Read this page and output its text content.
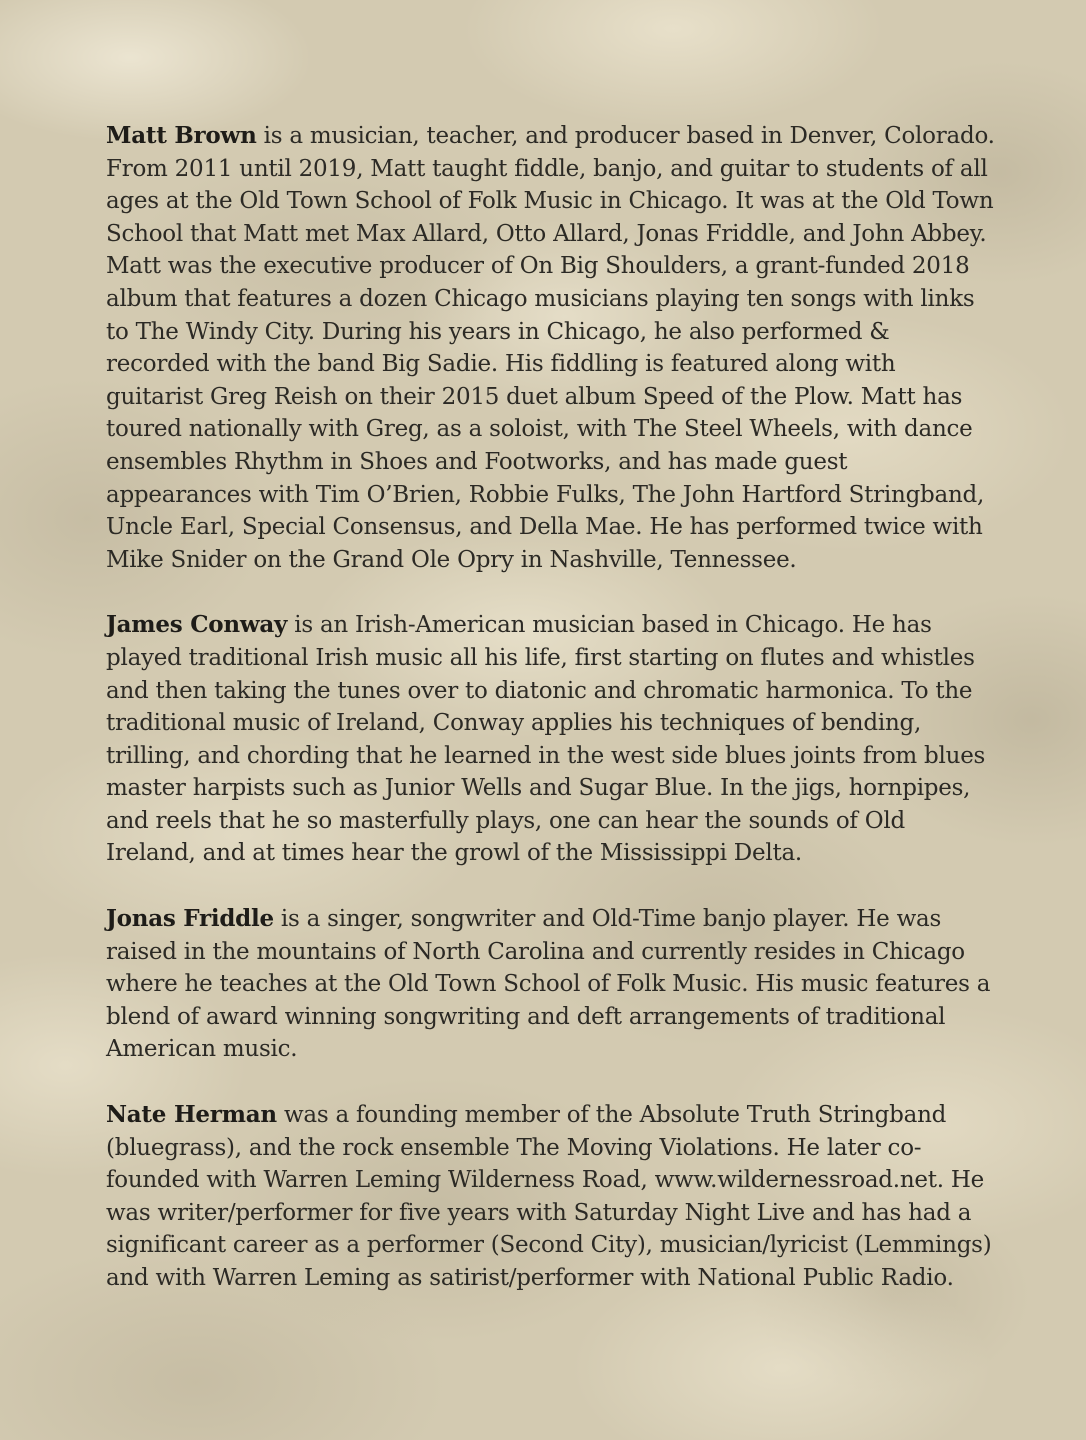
Matt Brown is a musician, teacher, and producer based in Denver, Colorado. From 2011 until 2019, Matt taught fiddle, banjo, and guitar to students of all ages at the Old Town School of Folk Music in Chicago. It was at the Old Town School that Matt met Max Allard, Otto Allard, Jonas Friddle, and John Abbey. Matt was the executive producer of On Big Shoulders, a grant-funded 2018 album that features a dozen Chicago musicians playing ten songs with links to The Windy City. During his years in Chicago, he also performed & recorded with the band Big Sadie. His fiddling is featured along with guitarist Greg Reish on their 2015 duet album Speed of the Plow. Matt has toured nationally with Greg, as a soloist, with The Steel Wheels, with dance ensembles Rhythm in Shoes and Footworks, and has made guest appearances with Tim O’Brien, Robbie Fulks, The John Hartford Stringband, Uncle Earl, Special Consensus, and Della Mae. He has performed twice with Mike Snider on the Grand Ole Opry in Nashville, Tennessee.

James Conway is an Irish-American musician based in Chicago. He has played traditional Irish music all his life, first starting on flutes and whistles and then taking the tunes over to diatonic and chromatic harmonica. To the traditional music of Ireland, Conway applies his techniques of bending, trilling, and chording that he learned in the west side blues joints from blues master harpists such as Junior Wells and Sugar Blue. In the jigs, hornpipes, and reels that he so masterfully plays, one can hear the sounds of Old Ireland, and at times hear the growl of the Mississippi Delta.

Jonas Friddle is a singer, songwriter and Old-Time banjo player. He was raised in the mountains of North Carolina and currently resides in Chicago where he teaches at the Old Town School of Folk Music. His music features a blend of award winning songwriting and deft arrangements of traditional American music.

Nate Herman was a founding member of the Absolute Truth Stringband (bluegrass), and the rock ensemble The Moving Violations. He later co-founded with Warren Leming Wilderness Road, www.wildernessroad.net. He was writer/performer for five years with Saturday Night Live and has had a significant career as a performer (Second City), musician/lyricist (Lemmings) and with Warren Leming as satirist/performer with National Public Radio.
